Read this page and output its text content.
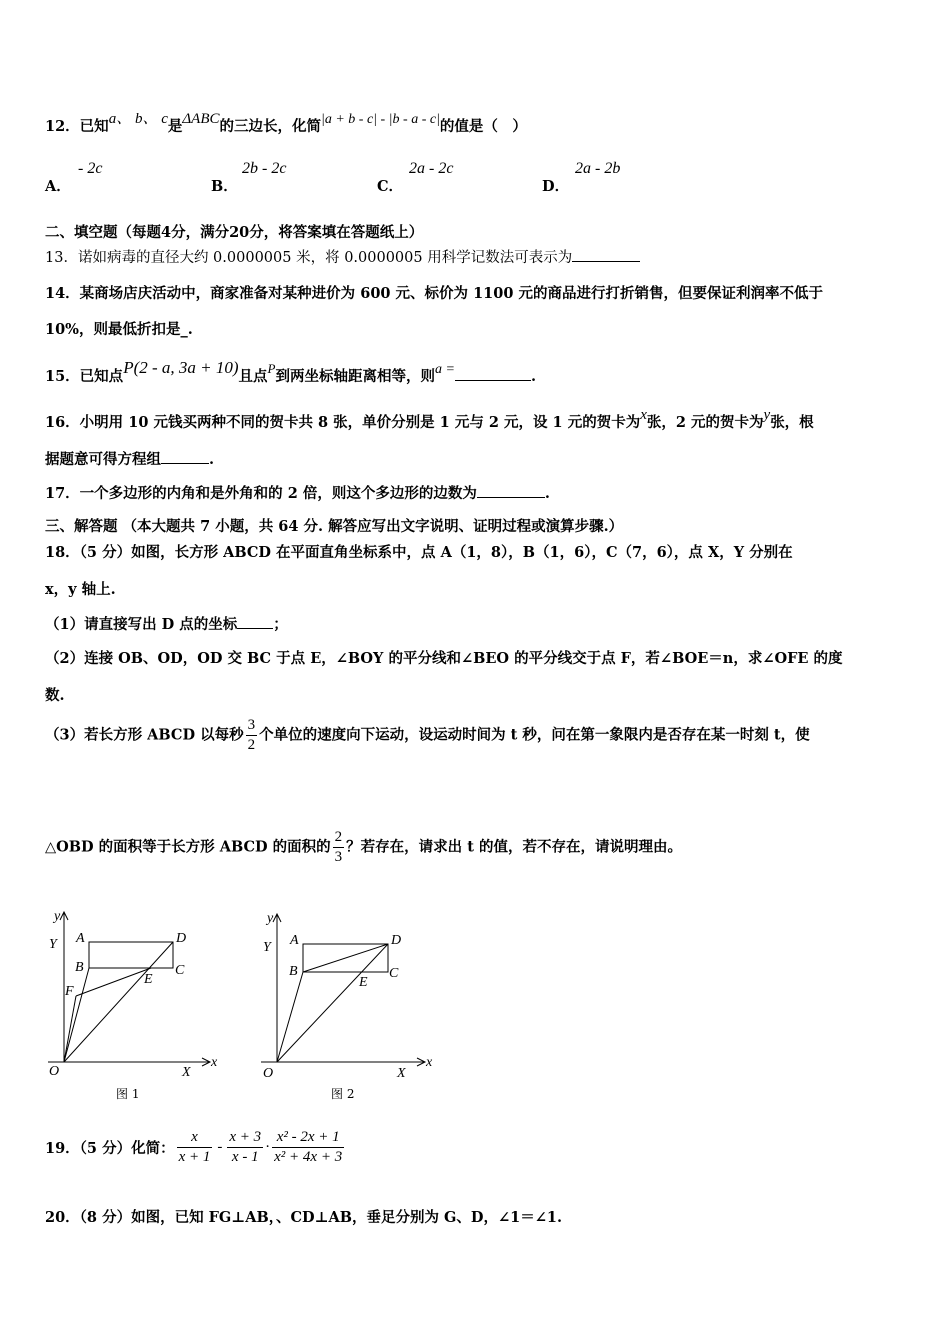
12．已知a、 b、 c是ΔABC的三边长，化简|a + b - c| - |b - a - c|的值是（　）
A．
- 2c
B．
2b - 2c
C．
2a - 2c
D．
2a - 2b
二、填空题（每题4分，满分20分，将答案填在答题纸上）
13．诺如病毒的直径大约 0.0000005 米，将 0.0000005 用科学记数法可表示为
14．某商场店庆活动中，商家准备对某种进价为 600 元、标价为 1100 元的商品进行打折销售，但要保证利润率不低于
10%，则最低折扣是_.
15．已知点P(2 - a, 3a + 10)且点P到两坐标轴距离相等，则a =	.
16．小明用 10 元钱买两种不同的贺卡共 8 张，单价分别是 1 元与 2 元，设 1 元的贺卡为x张，2 元的贺卡为y张，根
据题意可得方程组	.
17．一个多边形的内角和是外角和的 2 倍，则这个多边形的边数为	.
三、解答题 （本大题共 7 小题，共 64 分. 解答应写出文字说明、证明过程或演算步骤.）
18．（5 分）如图，长方形 ABCD 在平面直角坐标系中，点 A（1，8），B（1，6），C（7，6），点 X，Y 分别在
x，y 轴上.
（1）请直接写出 D 点的坐标 ；
（2）连接 OB、OD，OD 交 BC 于点 E，∠BOY 的平分线和∠BEO 的平分线交于点 F，若∠BOE＝n，求∠OFE 的度
数.
（3）若长方形 ABCD 以每秒 $\frac{3}{2}$ 个单位的速度向下运动，设运动时间为 t 秒，问在第一象限内是否存在某一时刻 t，使
△OBD 的面积等于长方形 ABCD 的面积的 $\frac{2}{3}$ ？若存在，请求出 t 的值，若不存在，请说明理由。
y
Y A
B
F
O
D
C
E
X
x
图 1
y
Y A
B
O
D
C
E
X
x
图 2
19．（5 分）化简： $\frac{x}{x + 1} - \frac{x + 3}{x - 1} \cdot \frac{\text{x² - 2x + 1}}{\text{x² + 4x + 3}}$
20．（8 分）如图，已知 FG⊥AB，、CD⊥AB，垂足分别为 G、D，∠1＝∠1.
